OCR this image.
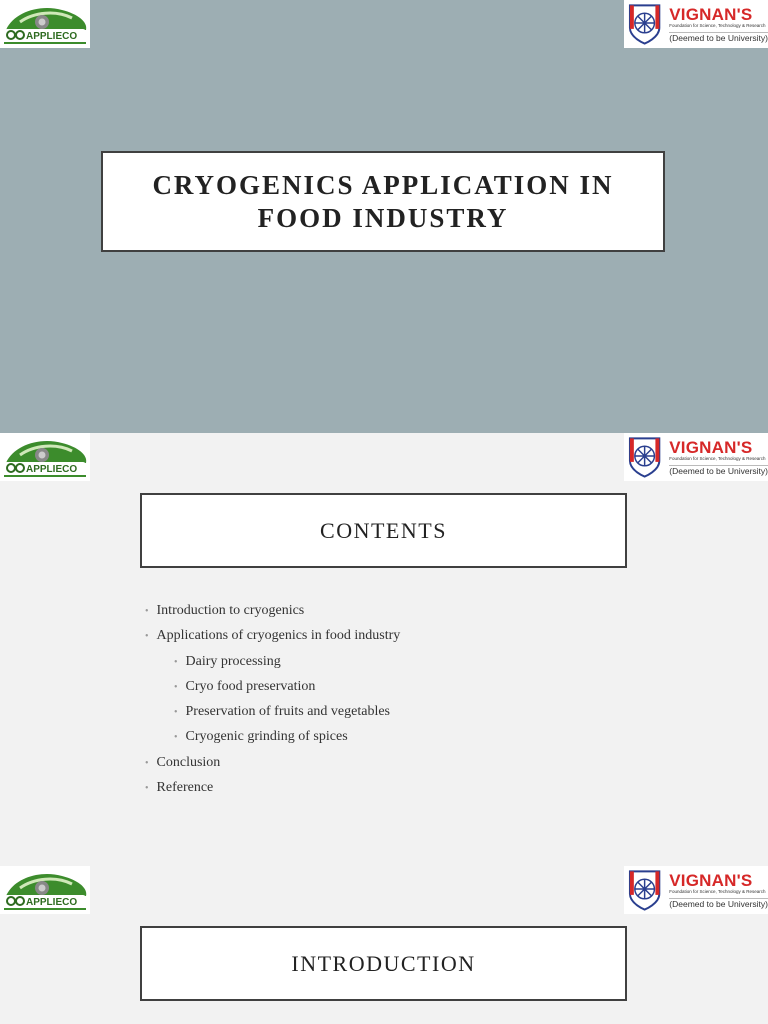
APPLIECO
VIGNAN'S
Foundation for Science, Technology & Research
(Deemed to be University)
CRYOGENICS APPLICATION IN FOOD INDUSTRY
APPLIECO
VIGNAN'S
Foundation for Science, Technology & Research
(Deemed to be University)
CONTENTS
• Introduction to cryogenics
• Applications of cryogenics in food industry
• Dairy processing
• Cryo food preservation
• Preservation of fruits and vegetables
• Cryogenic grinding of spices
• Conclusion
• Reference
APPLIECO
VIGNAN'S
Foundation for Science, Technology & Research
(Deemed to be University)
INTRODUCTION
